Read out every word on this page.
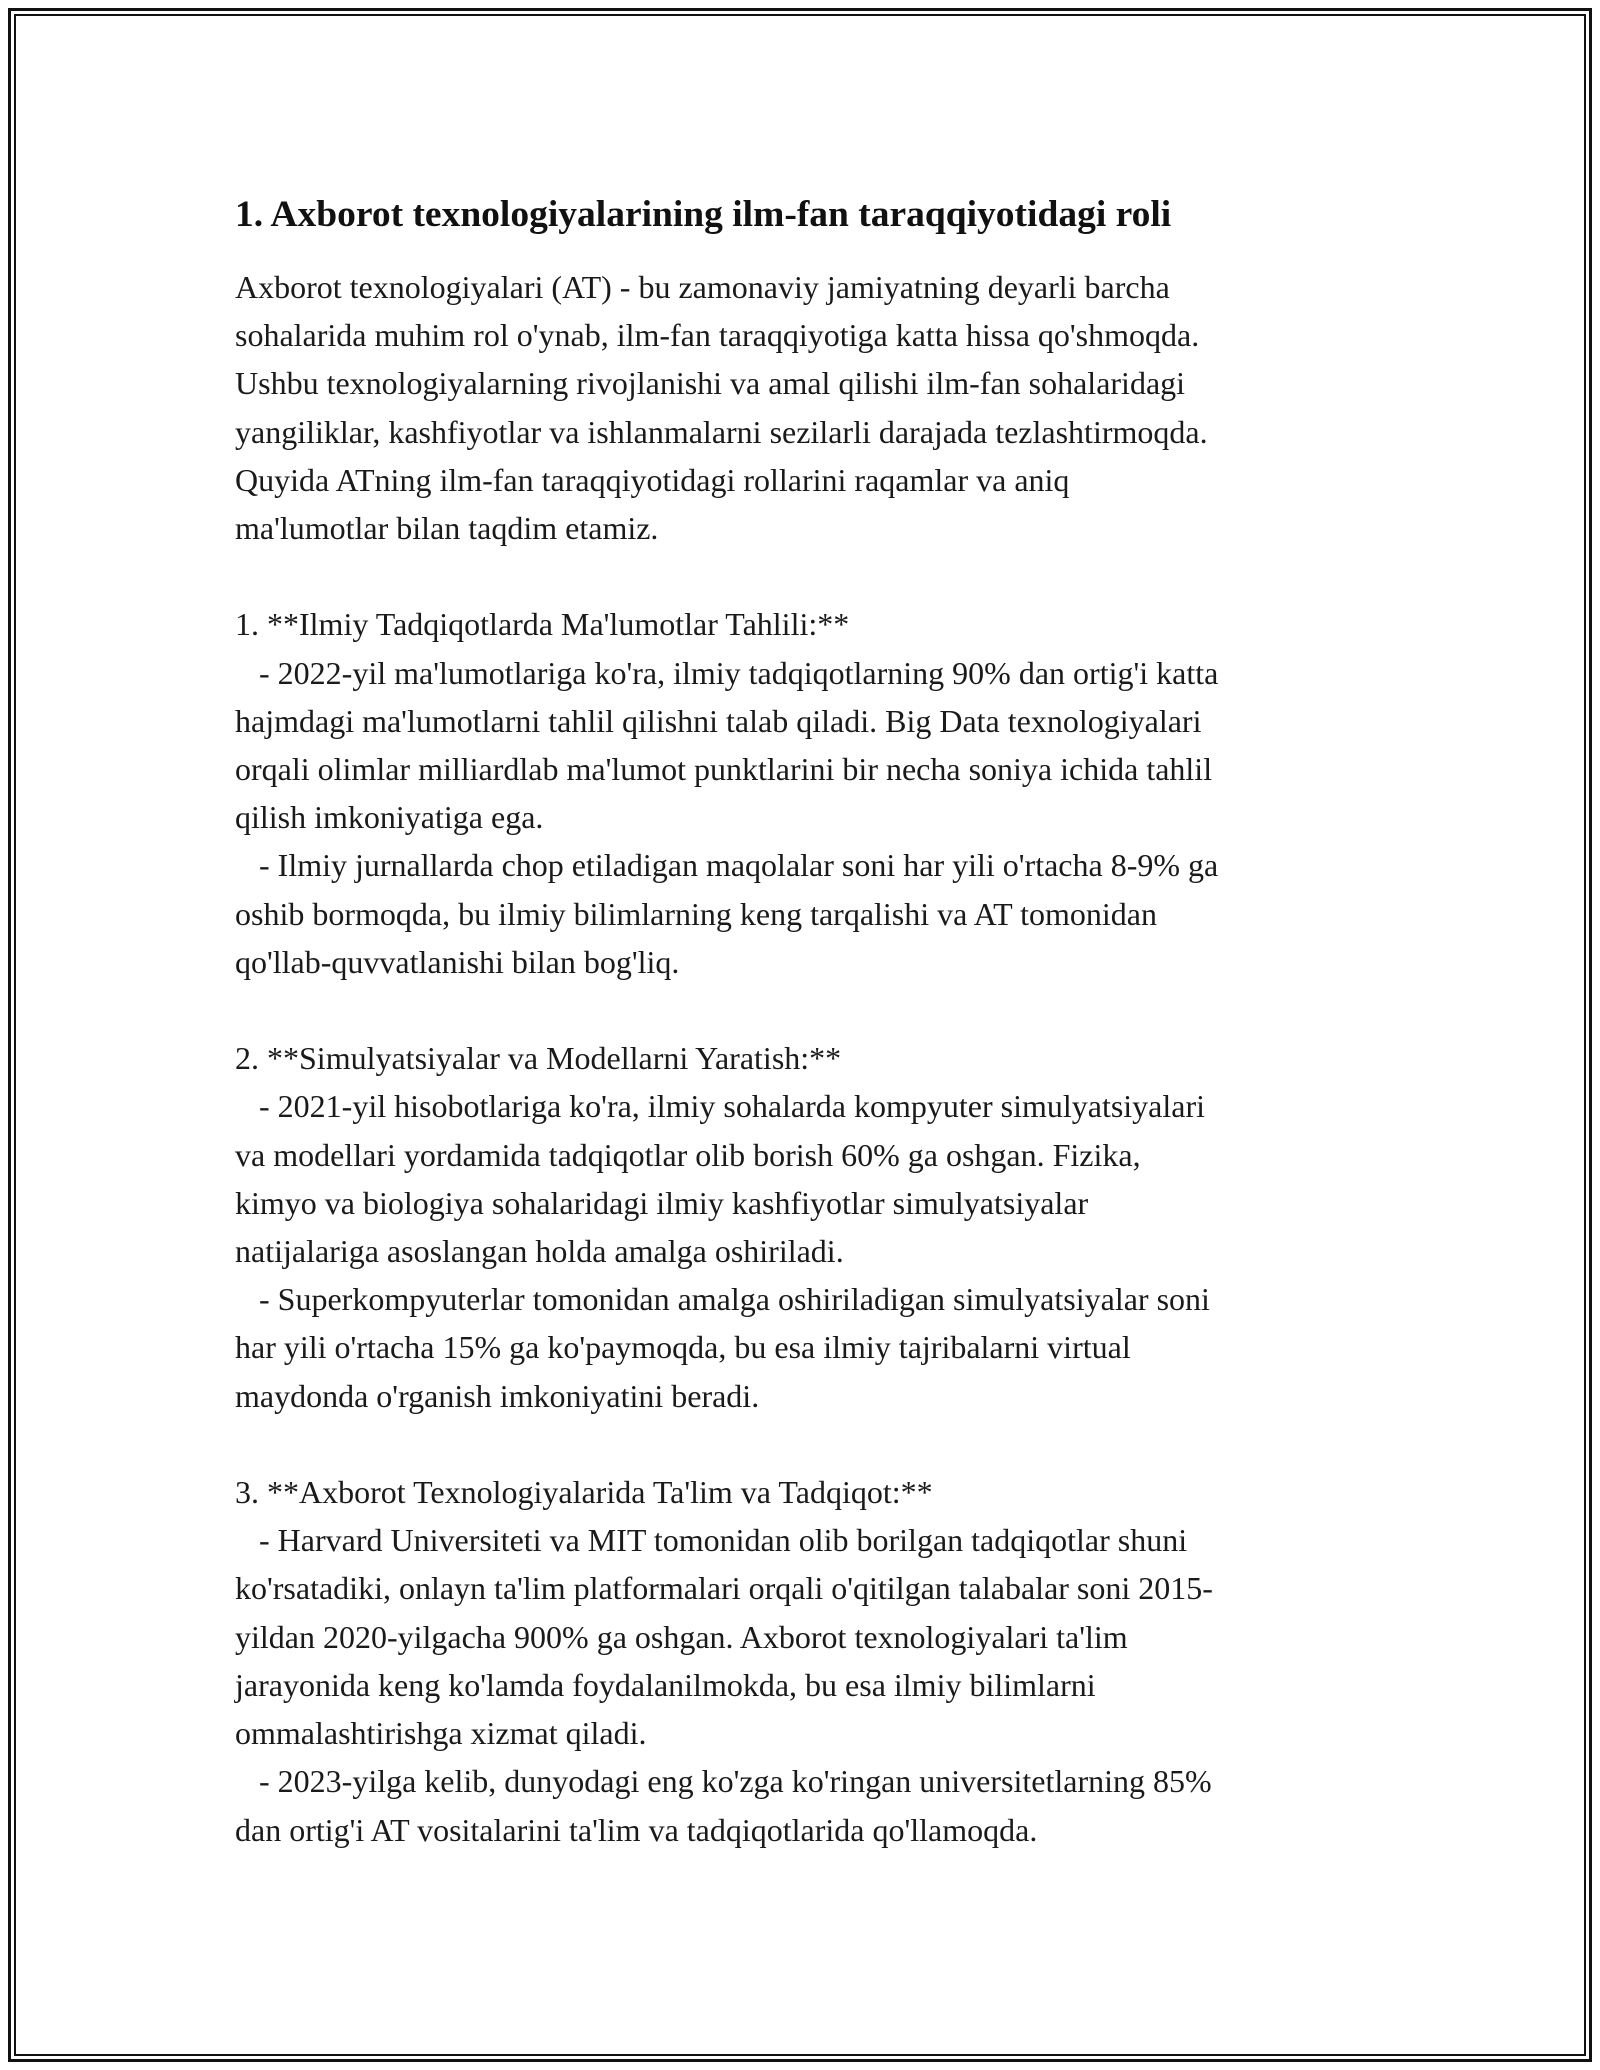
1. Axborot texnologiyalarining ilm-fan taraqqiyotidagi roli

Axborot texnologiyalari (AT) - bu zamonaviy jamiyatning deyarli barcha
sohalarida muhim rol o'ynab, ilm-fan taraqqiyotiga katta hissa qo'shmoqda.
Ushbu texnologiyalarning rivojlanishi va amal qilishi ilm-fan sohalaridagi
yangiliklar, kashfiyotlar va ishlanmalarni sezilarli darajada tezlashtirmoqda.
Quyida ATning ilm-fan taraqqiyotidagi rollarini raqamlar va aniq
ma'lumotlar bilan taqdim etamiz.

1. **Ilmiy Tadqiqotlarda Ma'lumotlar Tahlili:**
- 2022-yil ma'lumotlariga ko'ra, ilmiy tadqiqotlarning 90% dan ortig'i katta
hajmdagi ma'lumotlarni tahlil qilishni talab qiladi. Big Data texnologiyalari
orqali olimlar milliardlab ma'lumot punktlarini bir necha soniya ichida tahlil
qilish imkoniyatiga ega.
- Ilmiy jurnallarda chop etiladigan maqolalar soni har yili o'rtacha 8-9% ga
oshib bormoqda, bu ilmiy bilimlarning keng tarqalishi va AT tomonidan
qo'llab-quvvatlanishi bilan bog'liq.

2. **Simulyatsiyalar va Modellarni Yaratish:**
- 2021-yil hisobotlariga ko'ra, ilmiy sohalarda kompyuter simulyatsiyalari
va modellari yordamida tadqiqotlar olib borish 60% ga oshgan. Fizika,
kimyo va biologiya sohalaridagi ilmiy kashfiyotlar simulyatsiyalar
natijalariga asoslangan holda amalga oshiriladi.
- Superkompyuterlar tomonidan amalga oshiriladigan simulyatsiyalar soni
har yili o'rtacha 15% ga ko'paymoqda, bu esa ilmiy tajribalarni virtual
maydonda o'rganish imkoniyatini beradi.

3. **Axborot Texnologiyalarida Ta'lim va Tadqiqot:**
- Harvard Universiteti va MIT tomonidan olib borilgan tadqiqotlar shuni
ko'rsatadiki, onlayn ta'lim platformalari orqali o'qitilgan talabalar soni 2015-
yildan 2020-yilgacha 900% ga oshgan. Axborot texnologiyalari ta'lim
jarayonida keng ko'lamda foydalanilmokda, bu esa ilmiy bilimlarni
ommalashtirishga xizmat qiladi.
- 2023-yilga kelib, dunyodagi eng ko'zga ko'ringan universitetlarning 85%
dan ortig'i AT vositalarini ta'lim va tadqiqotlarida qo'llamoqda.
